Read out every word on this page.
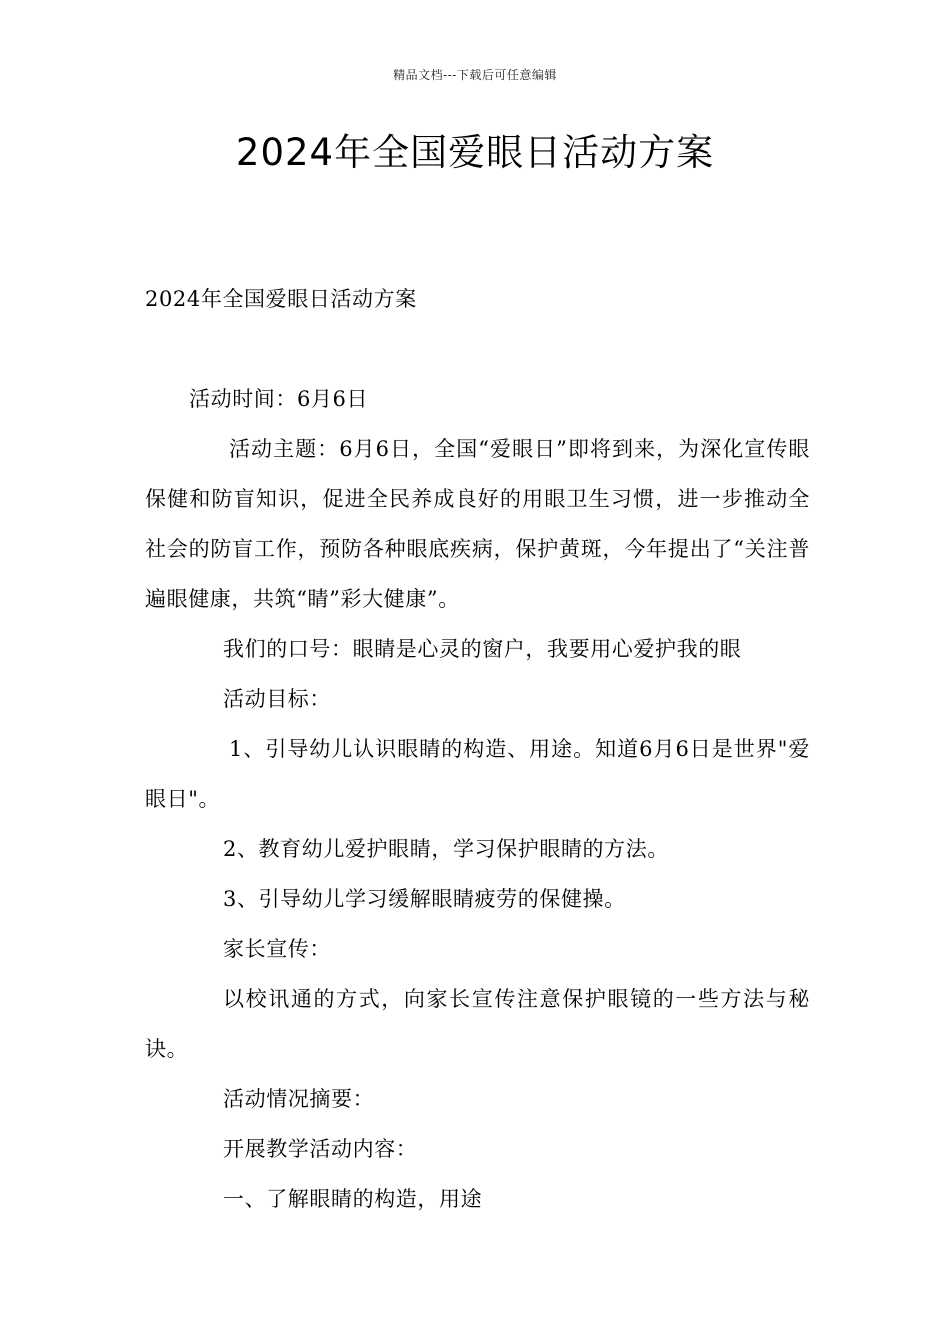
精品文档---下载后可任意编辑
2024年全国爱眼日活动方案

2024年全国爱眼日活动方案

活动时间：6月6日

活动主题：6月6日，全国“爱眼日”即将到来，为深化宣传眼保健和防盲知识，促进全民养成良好的用眼卫生习惯，进一步推动全社会的防盲工作，预防各种眼底疾病，保护黄斑，今年提出了“关注普遍眼健康，共筑“睛”彩大健康”。

我们的口号：眼睛是心灵的窗户，我要用心爱护我的眼

活动目标：

1、引导幼儿认识眼睛的构造、用途。知道6月6日是世界"爱眼日"。

2、教育幼儿爱护眼睛，学习保护眼睛的方法。

3、引导幼儿学习缓解眼睛疲劳的保健操。

家长宣传：

以校讯通的方式，向家长宣传注意保护眼镜的一些方法与秘诀。

活动情况摘要：

开展教学活动内容：

一、了解眼睛的构造，用途
